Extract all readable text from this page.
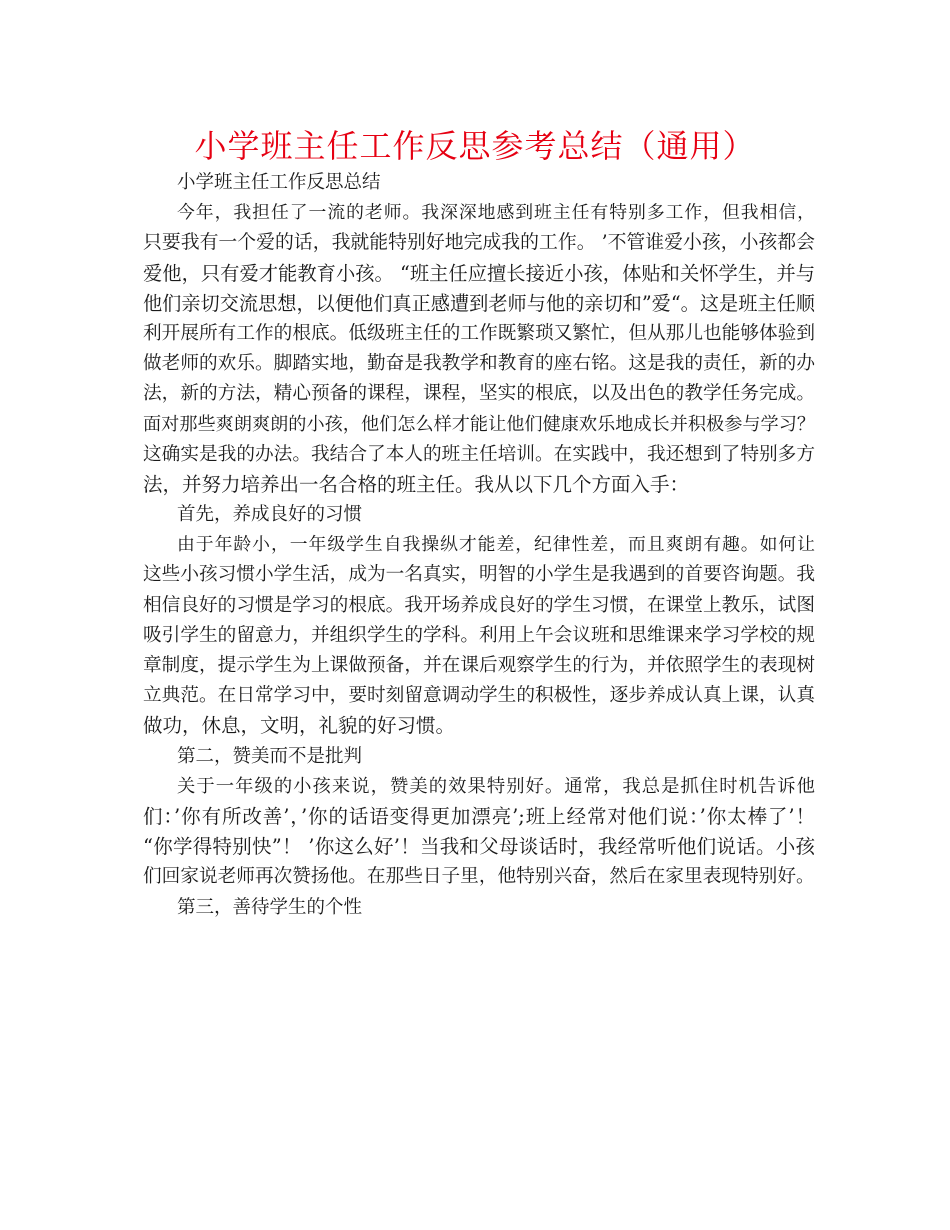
小学班主任工作反思参考总结（通用）
小学班主任工作反思总结
今年，我担任了一流的老师。我深深地感到班主任有特别多工作，但我相信，
只要我有一个爱的话，我就能特别好地完成我的工作。 ’不管谁爱小孩，小孩都会
爱他，只有爱才能教育小孩。 “班主任应擅长接近小孩，体贴和关怀学生，并与
他们亲切交流思想，以便他们真正感遭到老师与他的亲切和”爱“。这是班主任顺
利开展所有工作的根底。低级班主任的工作既繁琐又繁忙，但从那儿也能够体验到
做老师的欢乐。脚踏实地，勤奋是我教学和教育的座右铭。这是我的责任，新的办
法，新的方法，精心预备的课程，课程，坚实的根底，以及出色的教学任务完成。
面对那些爽朗爽朗的小孩，他们怎么样才能让他们健康欢乐地成长并积极参与学习？
这确实是我的办法。我结合了本人的班主任培训。在实践中，我还想到了特别多方
法，并努力培养出一名合格的班主任。我从以下几个方面入手：
首先，养成良好的习惯
由于年龄小，一年级学生自我操纵才能差，纪律性差，而且爽朗有趣。如何让
这些小孩习惯小学生活，成为一名真实，明智的小学生是我遇到的首要咨询题。我
相信良好的习惯是学习的根底。我开场养成良好的学生习惯，在课堂上教乐，试图
吸引学生的留意力，并组织学生的学科。利用上午会议班和思维课来学习学校的规
章制度，提示学生为上课做预备，并在课后观察学生的行为，并依照学生的表现树
立典范。在日常学习中，要时刻留意调动学生的积极性，逐步养成认真上课，认真
做功，休息，文明，礼貌的好习惯。
第二，赞美而不是批判
关于一年级的小孩来说，赞美的效果特别好。通常，我总是抓住时机告诉他
们：’你有所改善’，’你的话语变得更加漂亮’;班上经常对他们说：’你太棒了’！
“你学得特别快”！ ’你这么好’！当我和父母谈话时，我经常听他们说话。小孩
们回家说老师再次赞扬他。在那些日子里，他特别兴奋，然后在家里表现特别好。
第三，善待学生的个性
